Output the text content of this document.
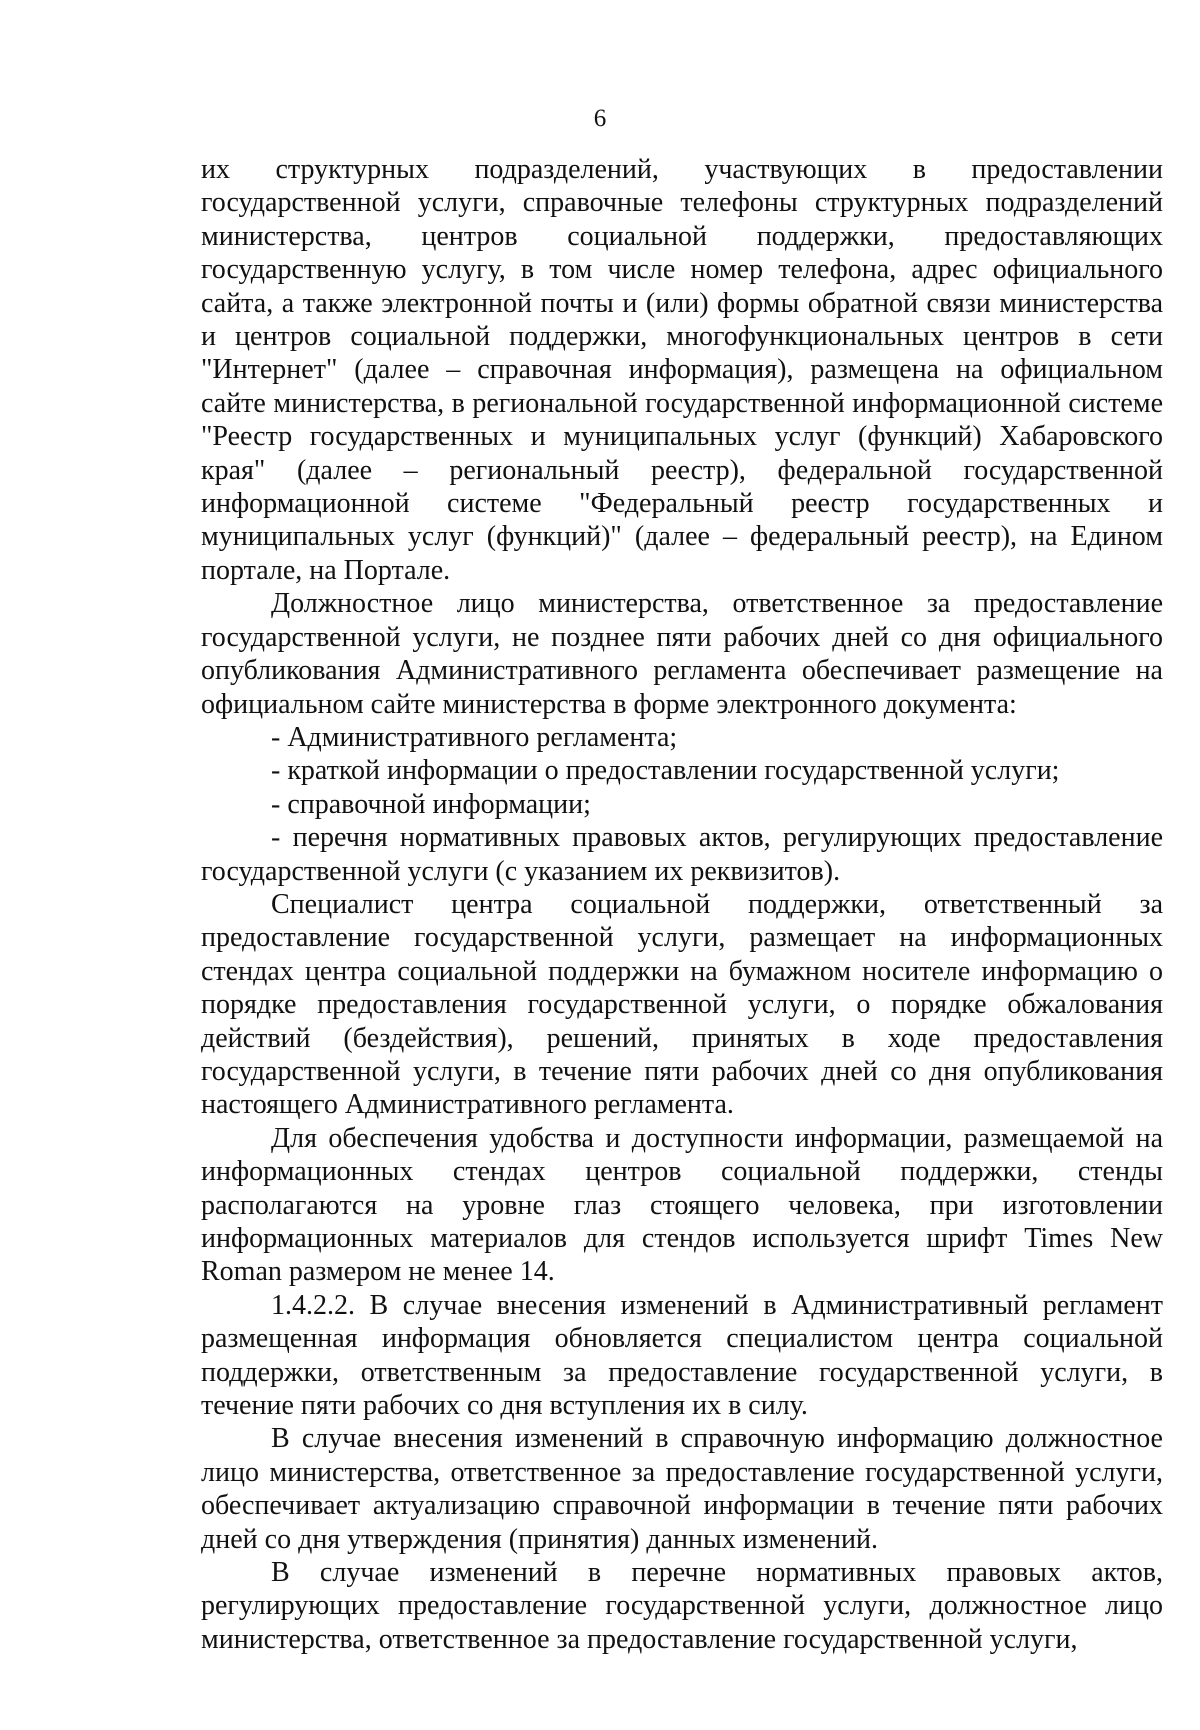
6

их структурных подразделений, участвующих в предоставлении государственной услуги, справочные телефоны структурных подразделений министерства, центров социальной поддержки, предоставляющих государственную услугу, в том числе номер телефона, адрес официального сайта, а также электронной почты и (или) формы обратной связи министерства и центров социальной поддержки, многофункциональных центров в сети "Интернет" (далее – справочная информация), размещена на официальном сайте министерства, в региональной государственной информационной системе "Реестр государственных и муниципальных услуг (функций) Хабаровского края" (далее – региональный реестр), федеральной государственной информационной системе "Федеральный реестр государственных и муниципальных услуг (функций)" (далее – федеральный реестр), на Едином портале, на Портале.

Должностное лицо министерства, ответственное за предоставление государственной услуги, не позднее пяти рабочих дней со дня официального опубликования Административного регламента обеспечивает размещение на официальном сайте министерства в форме электронного документа:

- Административного регламента;

- краткой информации о предоставлении государственной услуги;

- справочной информации;

- перечня нормативных правовых актов, регулирующих предоставление государственной услуги (с указанием их реквизитов).

Специалист центра социальной поддержки, ответственный за предоставление государственной услуги, размещает на информационных стендах центра социальной поддержки на бумажном носителе информацию о порядке предоставления государственной услуги, о порядке обжалования действий (бездействия), решений, принятых в ходе предоставления государственной услуги, в течение пяти рабочих дней со дня опубликования настоящего Административного регламента.

Для обеспечения удобства и доступности информации, размещаемой на информационных стендах центров социальной поддержки, стенды располагаются на уровне глаз стоящего человека, при изготовлении информационных материалов для стендов используется шрифт Times New Roman размером не менее 14.

1.4.2.2. В случае внесения изменений в Административный регламент размещенная информация обновляется специалистом центра социальной поддержки, ответственным за предоставление государственной услуги, в течение пяти рабочих со дня вступления их в силу.

В случае внесения изменений в справочную информацию должностное лицо министерства, ответственное за предоставление государственной услуги, обеспечивает актуализацию справочной информации в течение пяти рабочих дней со дня утверждения (принятия) данных изменений.

В случае изменений в перечне нормативных правовых актов, регулирующих предоставление государственной услуги, должностное лицо министерства, ответственное за предоставление государственной услуги,
